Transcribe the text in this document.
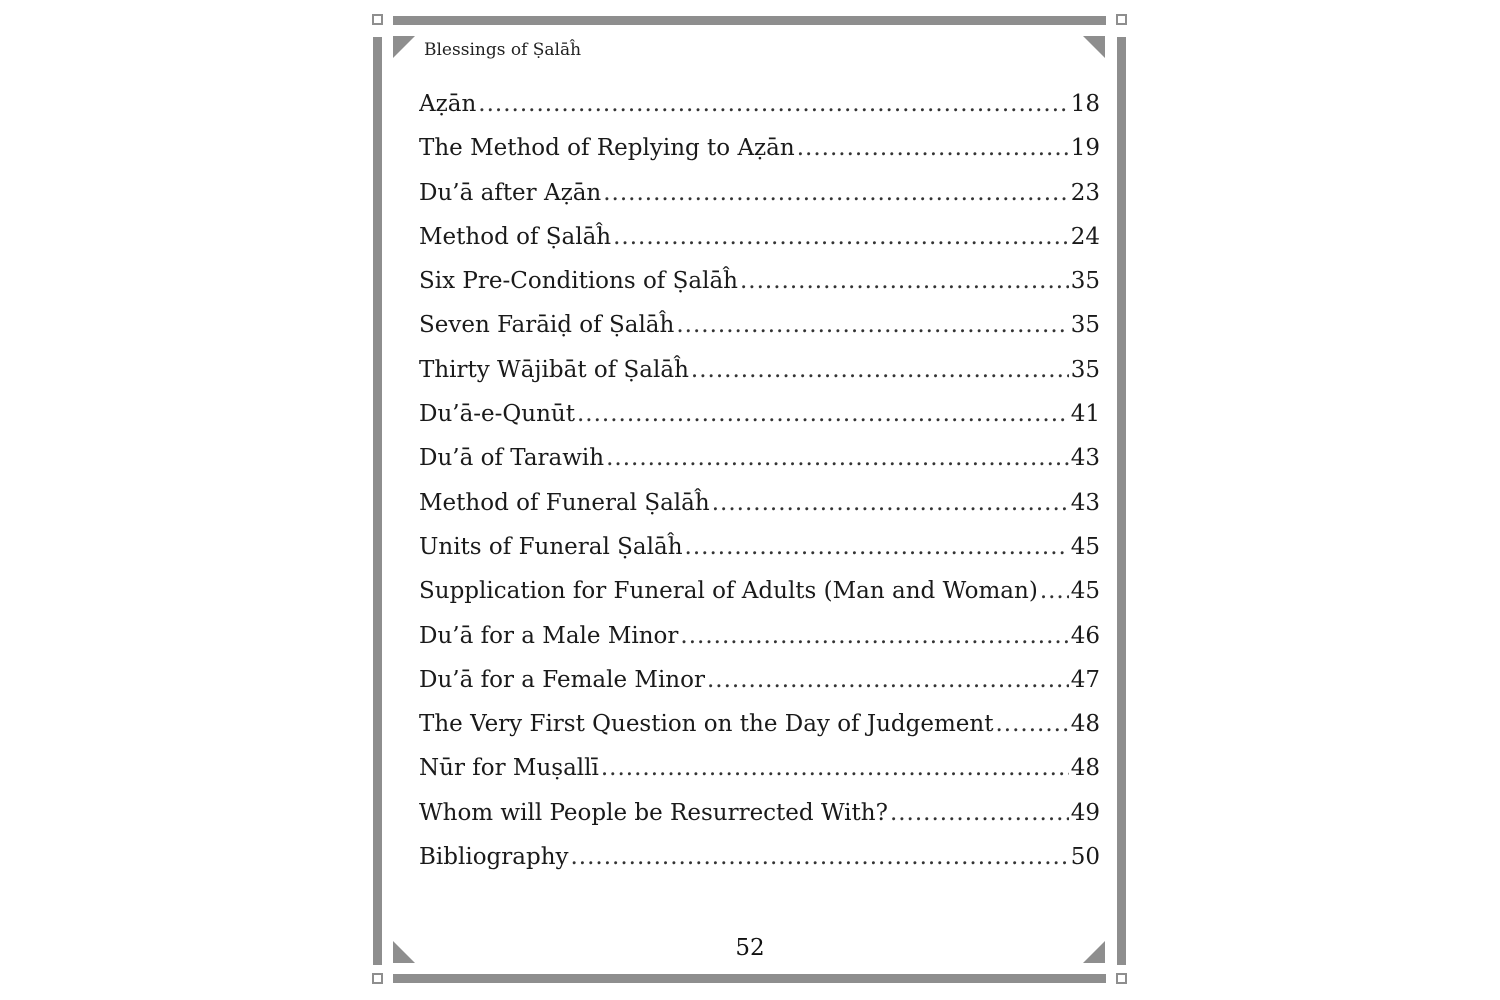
Blessings of Ṣalāĥ
Aẓān .....	18
The Method of Replying to Aẓān .....	19
Du’ā after Aẓān .....	23
Method of Ṣalāĥ .....	24
Six Pre-Conditions of Ṣalāĥ .....	35
Seven Farāiḍ of Ṣalāĥ .....	35
Thirty Wājibāt of Ṣalāĥ .....	35
Du’ā-e-Qunūt .....	41
Du’ā of Tarawih .....	43
Method of Funeral Ṣalāĥ .....	43
Units of Funeral Ṣalāĥ .....	45
Supplication for Funeral of Adults (Man and Woman) ..... 45
Du’ā for a Male Minor .....	46
Du’ā for a Female Minor .....	47
The Very First Question on the Day of Judgement .....	48
Nūr for Muṣallī .....	48
Whom will People be Resurrected With? .....	49
Bibliography .....	50
52
